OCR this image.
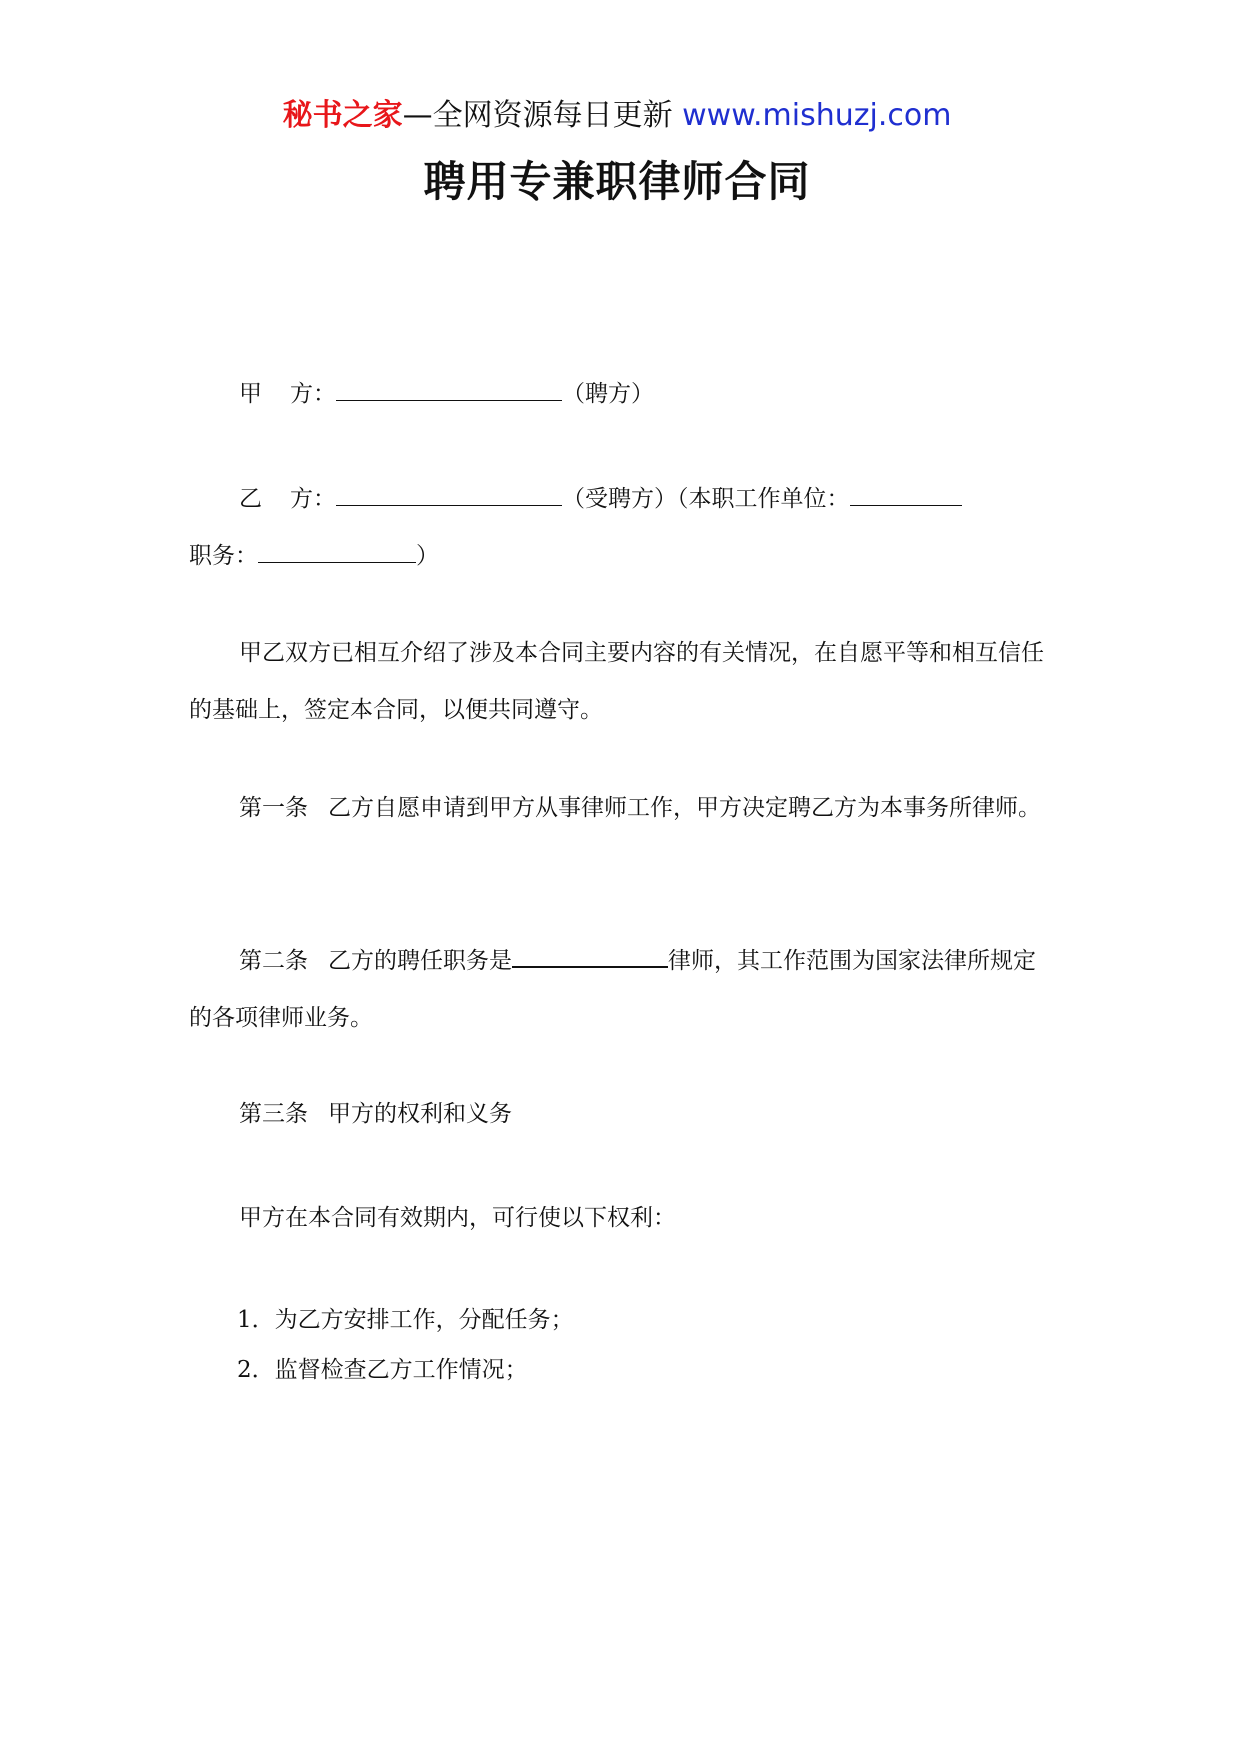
秘书之家—全网资源每日更新 www.mishuzj.com
聘用专兼职律师合同

甲 方：	（聘方）

乙 方：	（受聘方）（本职工作单位：
职务：	）

甲乙双方已相互介绍了涉及本合同主要内容的有关情况，在自愿平等和相互信任的基础上，签定本合同，以便共同遵守。

第一条 乙方自愿申请到甲方从事律师工作，甲方决定聘乙方为本事务所律师。

第二条 乙方的聘任职务是	律师，其工作范围为国家法律所规定的各项律师业务。

第三条 甲方的权利和义务

甲方在本合同有效期内，可行使以下权利：

1．为乙方安排工作，分配任务；

2．监督检查乙方工作情况；
